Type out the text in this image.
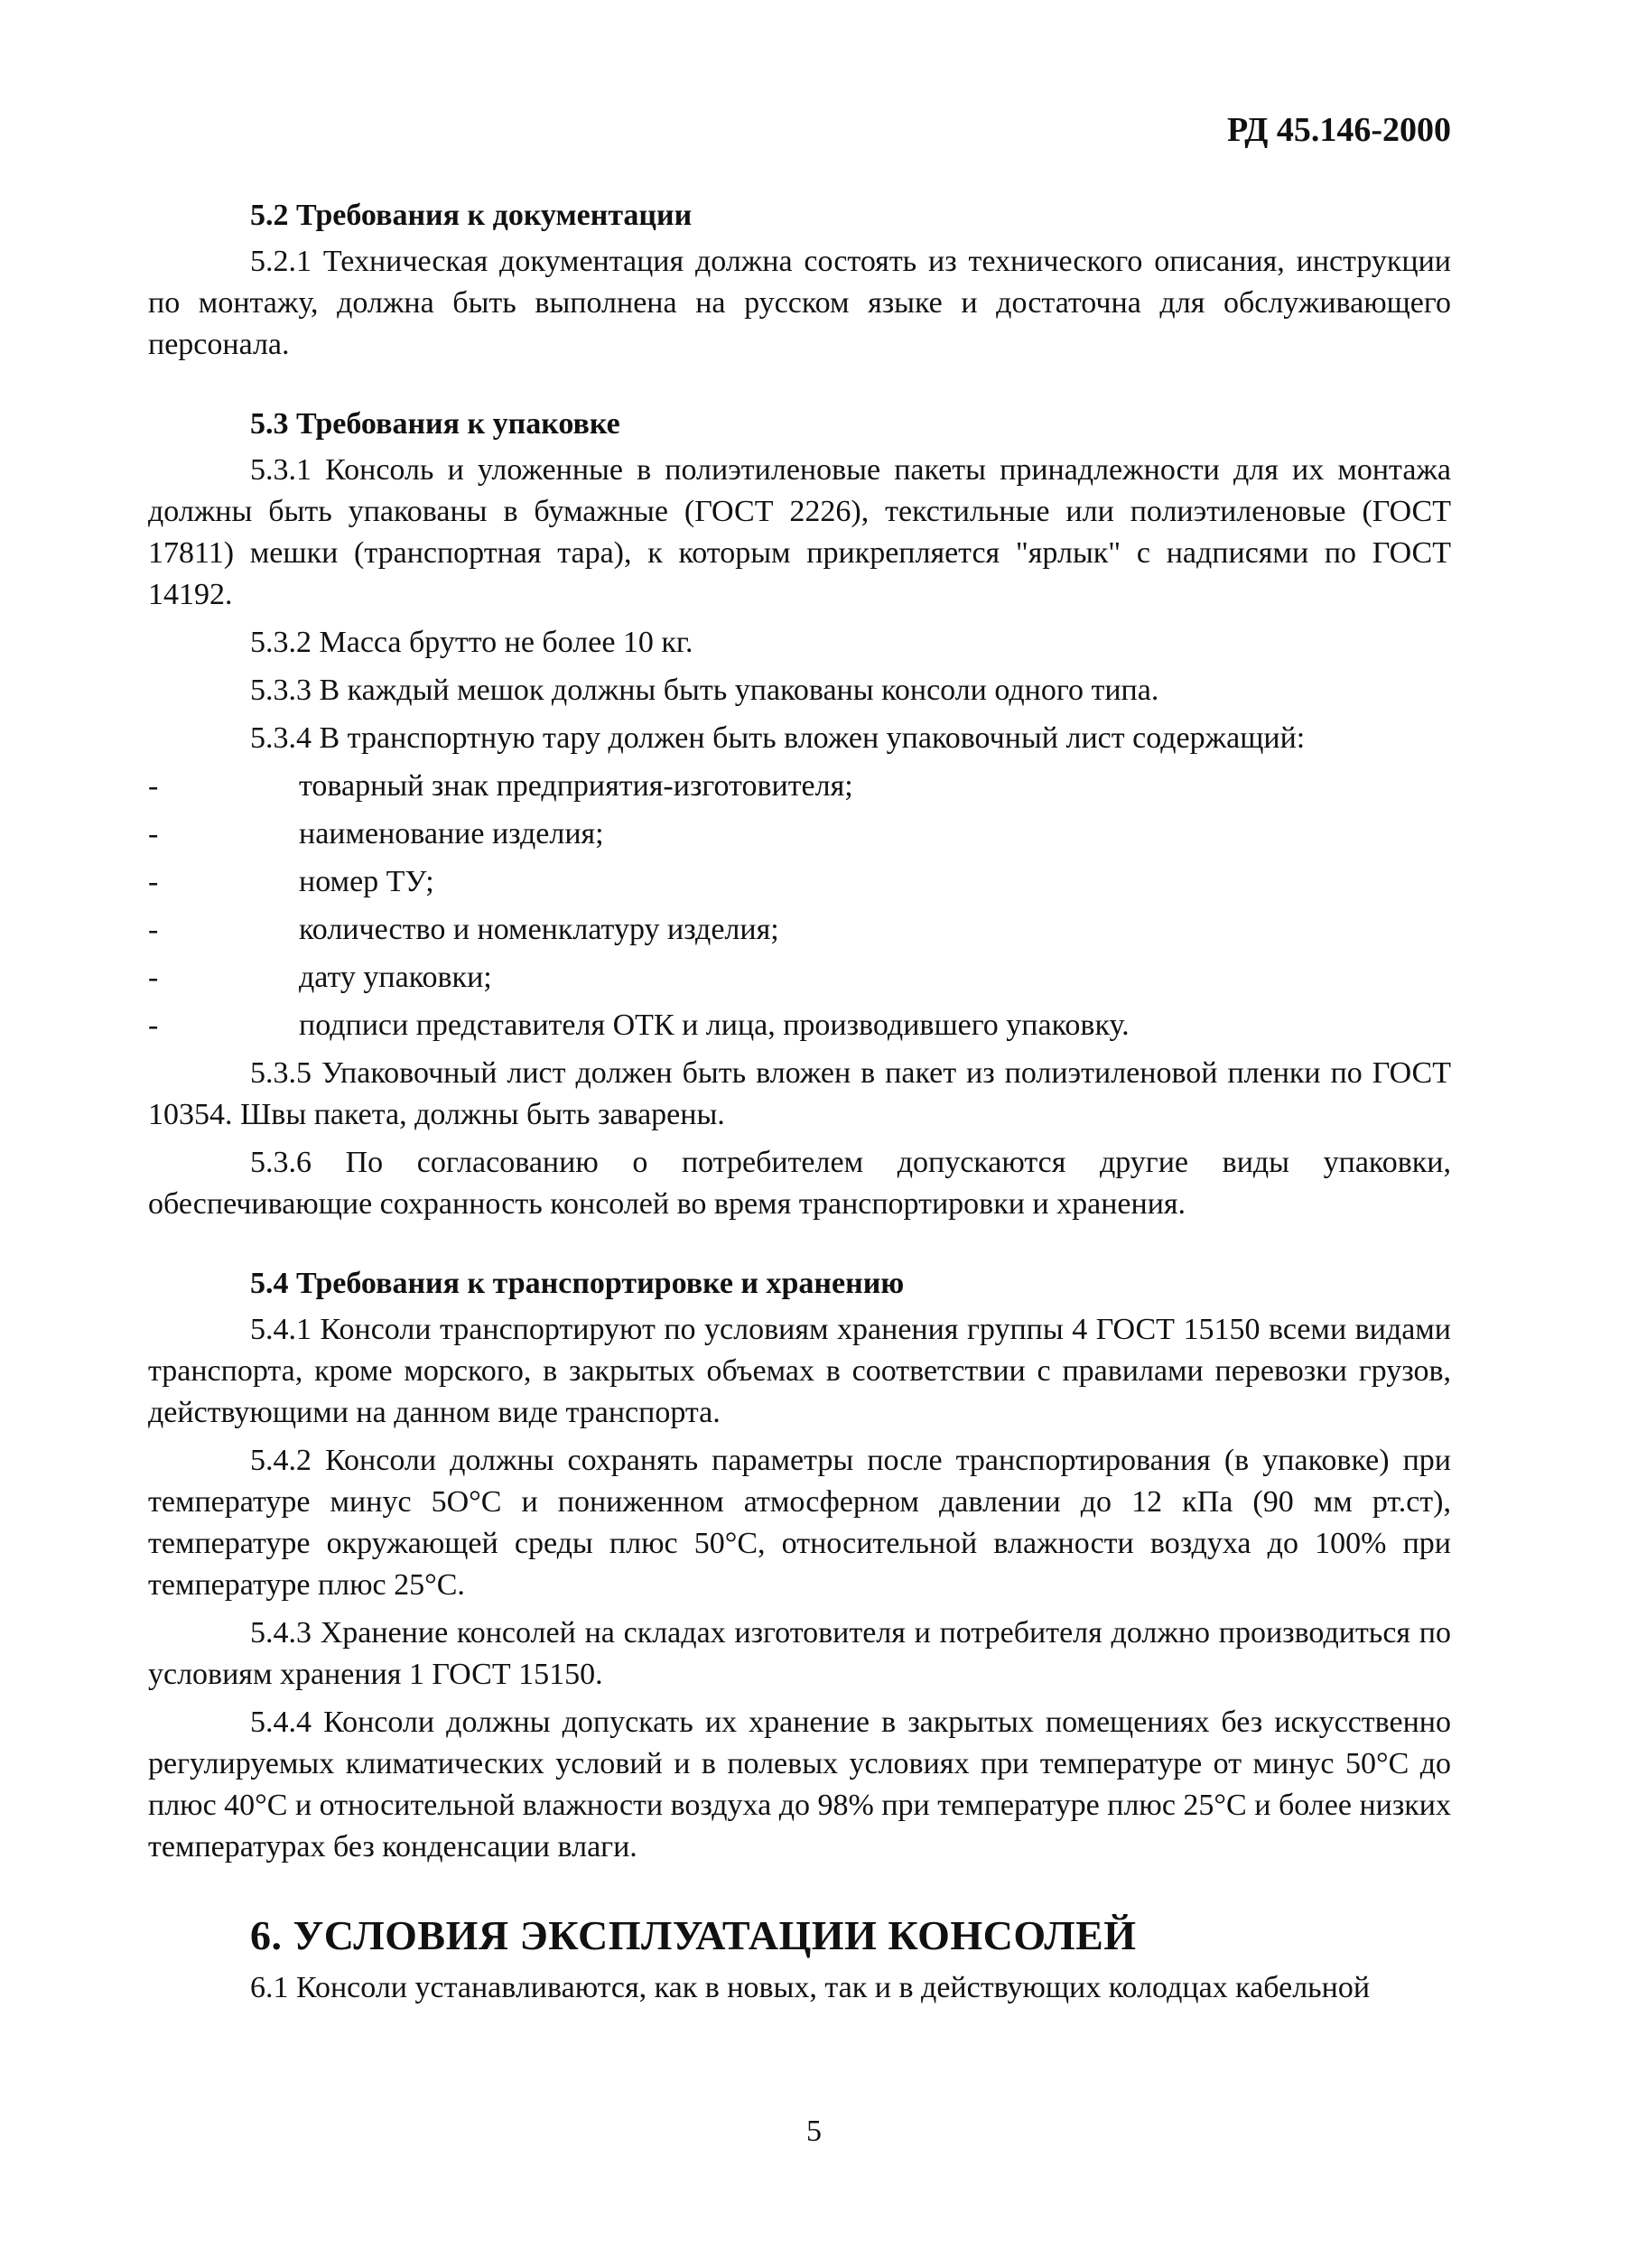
РД 45.146-2000

5.2 Требования к документации

5.2.1 Техническая документация должна состоять из технического описания, инструкции по монтажу, должна быть выполнена на русском языке и достаточна для обслуживающего персонала.

5.3 Требования к упаковке

5.3.1 Консоль и уложенные в полиэтиленовые пакеты принадлежности для их монтажа должны быть упакованы в бумажные (ГОСТ 2226), текстильные или полиэтиленовые (ГОСТ 17811) мешки (транспортная тара), к которым прикрепляется "ярлык" с надписями по ГОСТ 14192.

5.3.2 Масса брутто не более 10 кг.

5.3.3 В каждый мешок должны быть упакованы консоли одного типа.

5.3.4 В транспортную тару должен быть вложен упаковочный лист содержащий:

-	товарный знак предприятия-изготовителя;
-	наименование изделия;
-	номер ТУ;
-	количество и номенклатуру изделия;
-	дату упаковки;
-	подписи представителя ОТК и лица, производившего упаковку.

5.3.5 Упаковочный лист должен быть вложен в пакет из полиэтиленовой пленки по ГОСТ 10354. Швы пакета, должны быть заварены.

5.3.6 По согласованию о потребителем допускаются другие виды упаковки, обеспечивающие сохранность консолей во время транспортировки и хранения.

5.4 Требования к транспортировке и хранению

5.4.1 Консоли транспортируют по условиям хранения группы 4 ГОСТ 15150 всеми видами транспорта, кроме морского, в закрытых объемах в соответствии с правилами перевозки грузов, действующими на данном виде транспорта.

5.4.2 Консоли должны сохранять параметры после транспортирования (в упаковке) при температуре минус 5О°С и пониженном атмосферном давлении до 12 кПа (90 мм рт.ст), температуре окружающей среды плюс 50°С, относительной влажности воздуха до 100% при температуре плюс 25°С.

5.4.3 Хранение консолей на складах изготовителя и потребителя должно производиться по условиям хранения 1 ГОСТ 15150.

5.4.4 Консоли должны допускать их хранение в закрытых помещениях без искусственно регулируемых климатических условий и в полевых условиях при температуре от минус 50°С до плюс 40°С и относительной влажности воздуха до 98% при температуре плюс 25°С и более низких температурах без конденсации влаги.

6. УСЛОВИЯ ЭКСПЛУАТАЦИИ КОНСОЛЕЙ

6.1 Консоли устанавливаются, как в новых, так и в действующих колодцах кабельной

5
